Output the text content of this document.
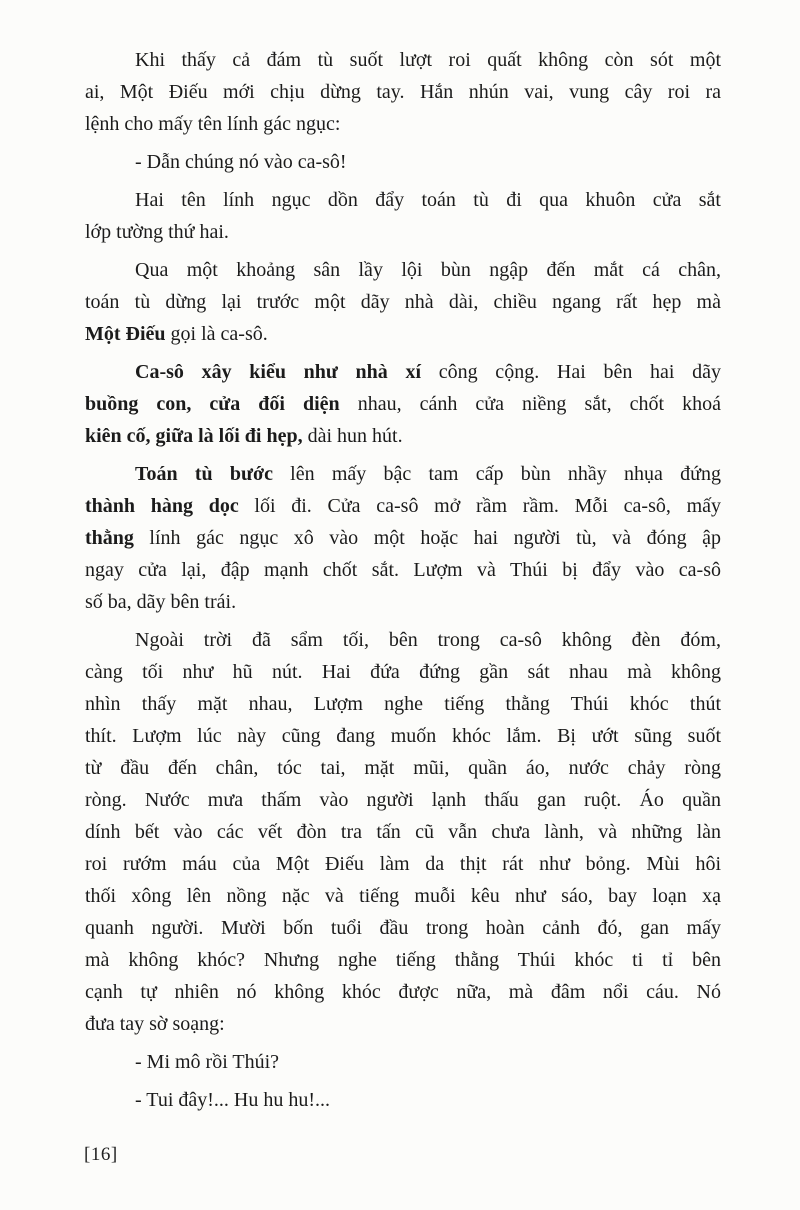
Khi thấy cả đám tù suốt lượt roi quất không còn sót một
ai, Một Điếu mới chịu dừng tay. Hắn nhún vai, vung cây roi ra
lệnh cho mấy tên lính gác ngục:
- Dẫn chúng nó vào ca-sô!
Hai tên lính ngục dồn đẩy toán tù đi qua khuôn cửa sắt
lớp tường thứ hai.
Qua một khoảng sân lầy lội bùn ngập đến mắt cá chân,
toán tù dừng lại trước một dãy nhà dài, chiều ngang rất hẹp mà
Một Điếu gọi là ca-sô.
Ca-sô xây kiểu như nhà xí công cộng. Hai bên hai dãy
buồng con, cửa đối diện nhau, cánh cửa niềng sắt, chốt khoá
kiên cố, giữa là lối đi hẹp, dài hun hút.
Toán tù bước lên mấy bậc tam cấp bùn nhầy nhụa đứng
thành hàng dọc lối đi. Cửa ca-sô mở rầm rầm. Mỗi ca-sô, mấy
thằng lính gác ngục xô vào một hoặc hai người tù, và đóng ập
ngay cửa lại, đập mạnh chốt sắt. Lượm và Thúi bị đẩy vào ca-sô
số ba, dãy bên trái.
Ngoài trời đã sẩm tối, bên trong ca-sô không đèn đóm,
càng tối như hũ nút. Hai đứa đứng gần sát nhau mà không
nhìn thấy mặt nhau, Lượm nghe tiếng thằng Thúi khóc thút
thít. Lượm lúc này cũng đang muốn khóc lắm. Bị ướt sũng suốt
từ đầu đến chân, tóc tai, mặt mũi, quần áo, nước chảy ròng
ròng. Nước mưa thấm vào người lạnh thấu gan ruột. Áo quần
dính bết vào các vết đòn tra tấn cũ vẫn chưa lành, và những làn
roi rướm máu của Một Điếu làm da thịt rát như bỏng. Mùi hôi
thối xông lên nồng nặc và tiếng muỗi kêu như sáo, bay loạn xạ
quanh người. Mười bốn tuổi đầu trong hoàn cảnh đó, gan mấy
mà không khóc? Nhưng nghe tiếng thằng Thúi khóc ti tỉ bên
cạnh tự nhiên nó không khóc được nữa, mà đâm nổi cáu. Nó
đưa tay sờ soạng:
- Mi mô rồi Thúi?
- Tui đây!... Hu hu hu!...
[16]
